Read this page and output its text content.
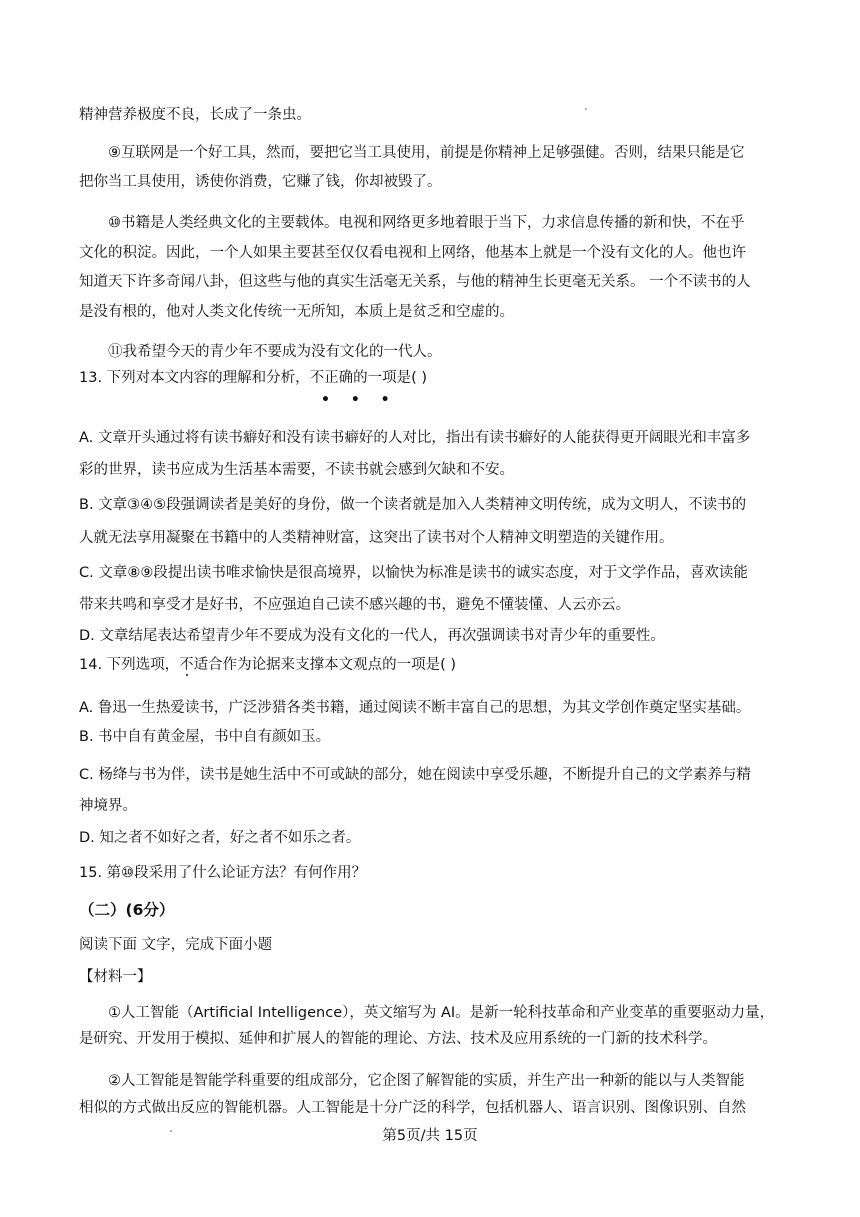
精神营养极度不良，长成了一条虫。
⑨互联网是一个好工具，然而，要把它当工具使用，前提是你精神上足够强健。否则，结果只能是它
把你当工具使用，诱使你消费，它赚了钱，你却被毁了。
⑩书籍是人类经典文化的主要载体。电视和网络更多地着眼于当下，力求信息传播的新和快，不在乎
文化的积淀。因此，一个人如果主要甚至仅仅看电视和上网络，他基本上就是一个没有文化的人。他也许
知道天下许多奇闻八卦，但这些与他的真实生活毫无关系，与他的精神生长更毫无关系。 一个不读书的人
是没有根的，他对人类文化传统一无所知，本质上是贫乏和空虚的。
⑪我希望今天的青少年不要成为没有文化的一代人。
13. 下列对本文内容的理解和分析，不正确的一项是( )
• • •
A. 文章开头通过将有读书癖好和没有读书癖好的人对比，指出有读书癖好的人能获得更开阔眼光和丰富多
彩的世界，读书应成为生活基本需要，不读书就会感到欠缺和不安。
B. 文章③④⑤段强调读者是美好的身份，做一个读者就是加入人类精神文明传统，成为文明人，不读书的
人就无法享用凝聚在书籍中的人类精神财富，这突出了读书对个人精神文明塑造的关键作用。
C. 文章⑧⑨段提出读书唯求愉快是很高境界，以愉快为标准是读书的诚实态度，对于文学作品，喜欢读能
带来共鸣和享受才是好书，不应强迫自己读不感兴趣的书，避免不懂装懂、人云亦云。
D. 文章结尾表达希望青少年不要成为没有文化的一代人，再次强调读书对青少年的重要性。
14. 下列选项，不适合作为论据来支撑本文观点的一项是( )
A. 鲁迅一生热爱读书，广泛涉猎各类书籍，通过阅读不断丰富自己的思想，为其文学创作奠定坚实基础。
B. 书中自有黄金屋，书中自有颜如玉。
C. 杨绛与书为伴，读书是她生活中不可或缺的部分，她在阅读中享受乐趣，不断提升自己的文学素养与精
神境界。
D. 知之者不如好之者，好之者不如乐之者。
15. 第⑩段采用了什么论证方法？有何作用？
（二）(6分）
阅读下面 文字，完成下面小题
【材料一】
①人工智能（Artificial Intelligence），英文缩写为 AI。是新一轮科技革命和产业变革的重要驱动力量，
是研究、开发用于模拟、延伸和扩展人的智能的理论、方法、技术及应用系统的一门新的技术科学。
②人工智能是智能学科重要的组成部分，它企图了解智能的实质，并生产出一种新的能以与人类智能
相似的方式做出反应的智能机器。人工智能是十分广泛的科学，包括机器人、语言识别、图像识别、自然
第5页/共 15页
